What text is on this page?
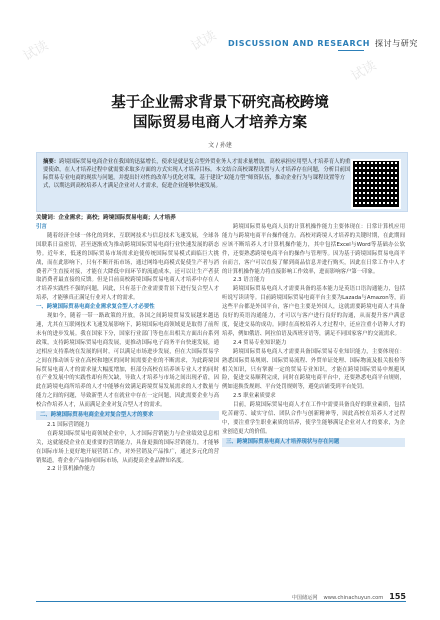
试读	试读
试读
DISCUSSION AND RESEARCH 探讨与研究
基于企业需求背景下研究高校跨境
国际贸易电商人才培养方案
文 / 孙建
摘要：跨境国际贸易电商企业在我国的迅猛增长，使求是就是复合型外贸业务人才需求量增加，高校承担应用型人才培养育人的重要使命，在人才培养过程中就需要求取多方面的方式实现人才培养目标。本文结合高校课程设置与人才培养存在问题，分析目前国际贸易专业电商的现状与问题，并提出针对性的改革与优化对策，基于建设“双能力型”师资队伍，推动企业行为与课程设置等方式，以期达到高校培养人才满足企业对人才需求，促进企业能够快速发展。
关键词：企业需求；高校；跨境国际贸易电商；人才培养

引言

随着经济全球一体化的到来，互联网技术与信息技术飞速发展，全球各国联系日益密切，甚至逐渐成为推动跨境国际贸易电商行业快速发展的新态势。近年来，低迷的国际贸易市场需求迫使传统国际贸易模式面临巨大挑战，而在此影响下，只有不断开拓市场，通过网络电商模式促使生产者与消费者产生直接对接，才能在大降低中间环节的流通成本，还可以让生产者获取消费者最直接的反馈。但是目前高校跨境国际贸易电商人才培养中存在人才培养实践性不强的问题，因此，只有基于企业需要背景下进行复合型人才培养，才能够真正满足行业对人才的需求。

一、跨境国际贸易电商企业需求复合型人才必要性

现如今，随着一带一路政策的开放，各国之间跨境贸易发展越来越迅速，尤其在互联网技术飞速发展影响下，跨境国际电商领域更是取得了前所未有的进步发展。我在国家下分，国家行业部门等也在出相关方面出台系列政策，支持跨境国际贸易电商发展，更推动国际电子商务平台快速发展，通过相应支持系统在发展的同时，可以满足市场进步发展，但在大国际贸易学之间在推动该专业在高校和地区的同时间需要企业的不断需求，为此跨境国际贸易电商人才的需求量大幅度增加，但部分高校在培养该专业人才的同时在产业发展中的实践性却有所欠缺，导致人才培养与市场之间出现矛盾，因此在跨境电商所培养的人才中能够有效满足跨境贸易发展需求的人才数量与能力之间的问题，导致新型人才在就业中存在一定问题，因此需要企业与高校合作培养人才，从而满足企业对复合型人才的需求。

二、跨境国际贸易电商企业对复合型人才的要求

2.1 国际营销能力

在跨境国际贸易电商领域企业中，人才国际营销能力与企业绩效息息相关，这就能使企业在更重要的营销能力，具备更强的国际营销能力，才能够在国际市场上更好地开展营销工作，对外营销及产品推广，通过多元化的营销渠道，将企业产品推向国际市场，从而提高企业品牌知名度。

2.2 计算机操作能力

跨境国际贸易电商人员的计算机操作能力主要体现在：日常计算机应用能力与跨境电商平台操作能力。高校对跨境人才培养的关键时期，在此期间应该不断培养人才计算机操作能力，其中包括Excel与Word等基础办公软件，还要熟悉跨境电商平台的操作与管理等。因为基于跨境国际贸易电商平台而言，客户可以直接了解到商品信息并进行购买，因此在日常工作中人才的计算机操作能力将直接影响工作效率，进而影响客户第一印象。

2.3 语言能力

跨境国际贸易电商人才需要具备的基本能力是英语口语沟通能力，包括听说写读读等。目前跨境国际贸易电商平台主要为Lazada与Amazon等，而这些平台都是外国平台，客户也主要是外国人，这就需要跨境电商人才具备良好的英语沟通能力，才可以与客户进行良好的沟通，从而提升客户满意度，促进交易的成功。同时在高校培养人才过程中，还应注重小语种人才的培养，例如俄语、阿拉伯语及西班牙语等，满足不同国家客户的交流需求。

2.4 贸易专业知识能力

跨境国际贸易电商人才需要具备国际贸易专业知识能力，主要体现在：熟悉国际贸易规则、国际贸易流程、外贸单证处理、国际物流及报关报检等相关知识，只有掌握一定的贸易专业知识，才能在跨境国际贸易中规避风险，促进交易顺利完成，同时在跨境电商平台中，还要熟悉电商平台规则，例如退换货规则、平台处罚规则等，避免店铺受到平台处罚。

2.5 职业素质要求

目前，跨境国际贸易电商人才在工作中需要具备良好的职业素质，包括吃苦耐劳、诚实守信、团队合作与创新精神等，因此高校在培养人才过程中，要注重学生职业素质的培养，使学生能够满足企业对人才的要求，为企业创造更大的价值。

三、跨境国际贸易电商人才培养现状与存在问题

中国储运网 www.chinachuyun.com 155
